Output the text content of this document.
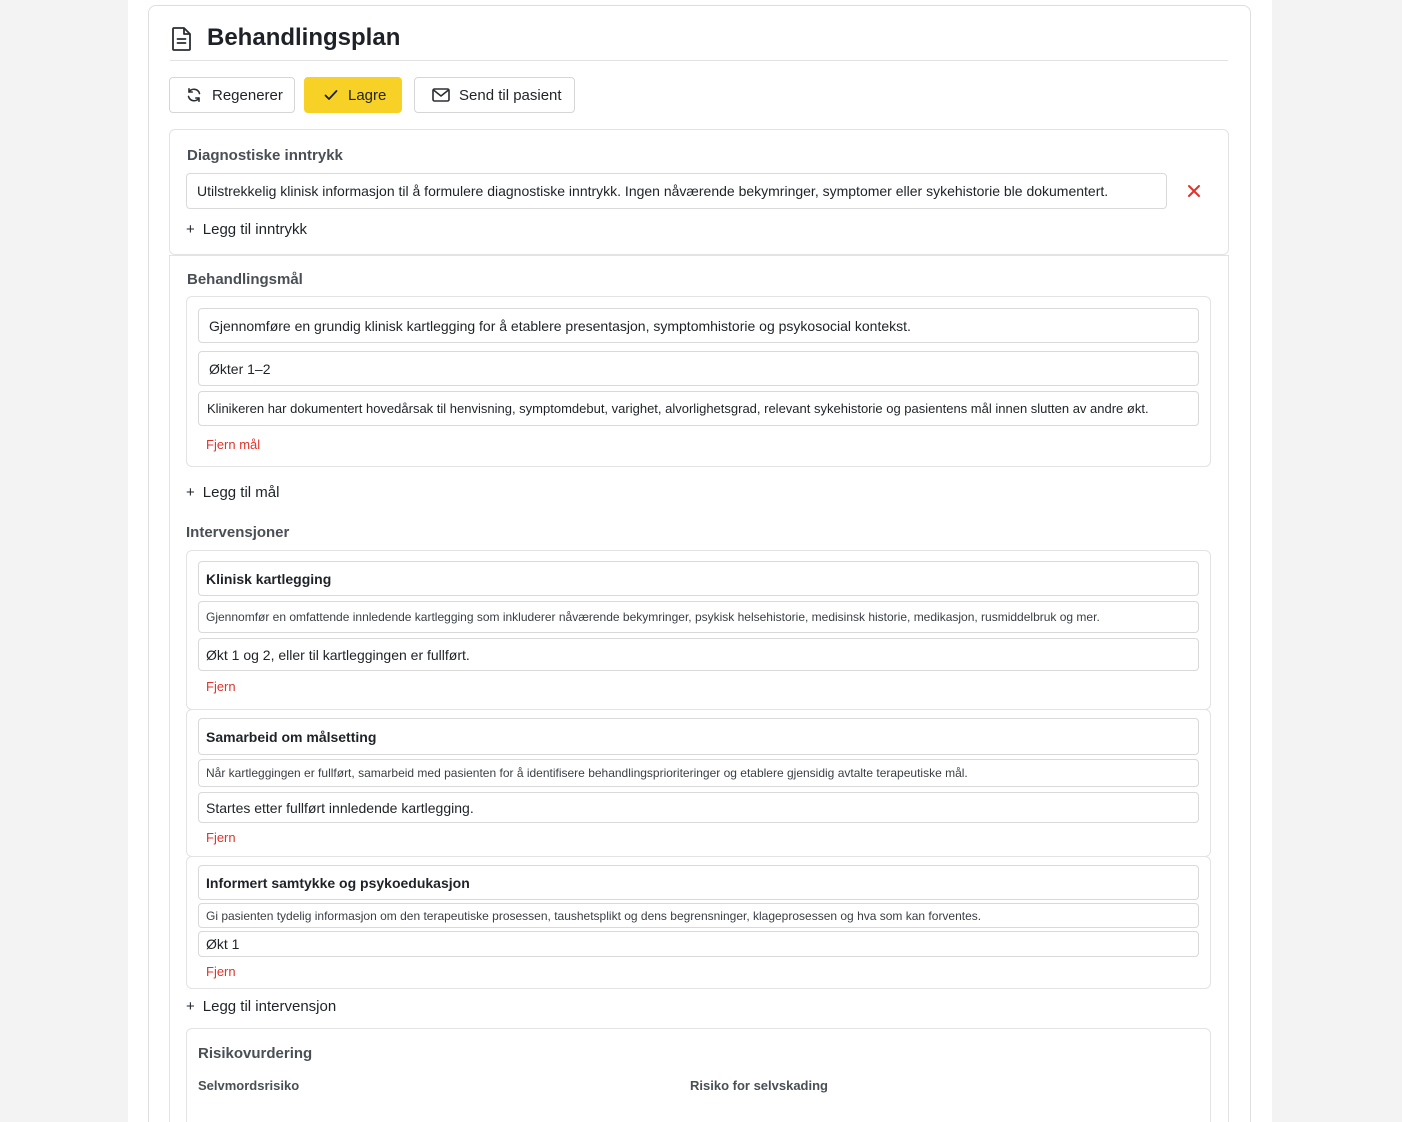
Behandlingsplan
Regenerer	Lagre	Send til pasient
Diagnostiske inntrykk
Utilstrekkelig klinisk informasjon til å formulere diagnostiske inntrykk. Ingen nåværende bekymringer, symptomer eller sykehistorie ble dokumentert.
+ Legg til inntrykk
Behandlingsmål
Gjennomføre en grundig klinisk kartlegging for å etablere presentasjon, symptomhistorie og psykosocial kontekst.
Økter 1–2
Klinikeren har dokumentert hovedårsak til henvisning, symptomdebut, varighet, alvorlighetsgrad, relevant sykehistorie og pasientens mål innen slutten av andre økt.
Fjern mål
+ Legg til mål
Intervensjoner
Klinisk kartlegging
Gjennomfør en omfattende innledende kartlegging som inkluderer nåværende bekymringer, psykisk helsehistorie, medisinsk historie, medikasjon, rusmiddelbruk og mer.
Økt 1 og 2, eller til kartleggingen er fullført.
Fjern
Samarbeid om målsetting
Når kartleggingen er fullført, samarbeid med pasienten for å identifisere behandlingsprioriteringer og etablere gjensidig avtalte terapeutiske mål.
Startes etter fullført innledende kartlegging.
Fjern
Informert samtykke og psykoedukasjon
Gi pasienten tydelig informasjon om den terapeutiske prosessen, taushetsplikt og dens begrensninger, klageprosessen og hva som kan forventes.
Økt 1
Fjern
+ Legg til intervensjon
Risikovurdering
Selvmordsrisiko	Risiko for selvskading
